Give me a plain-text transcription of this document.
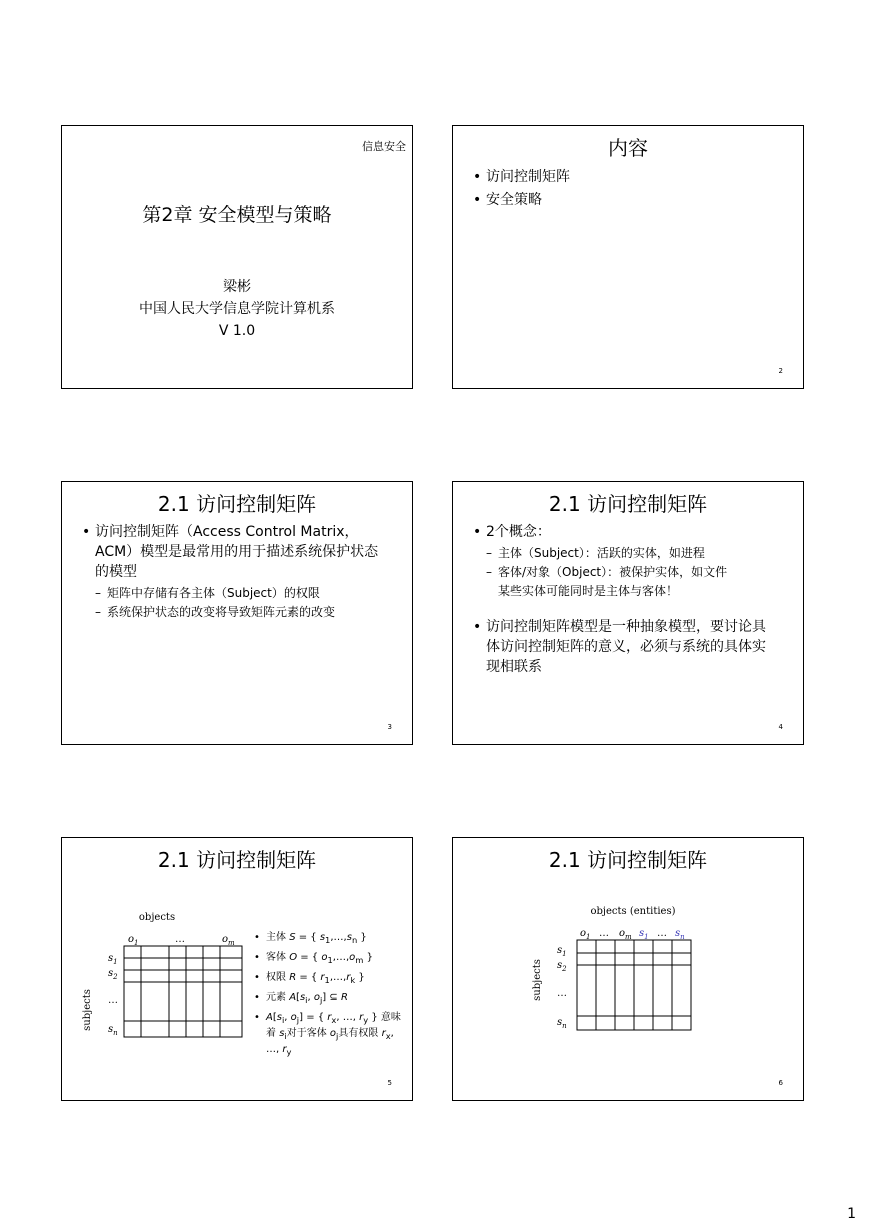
信息安全
第2章 安全模型与策略
梁彬
中国人民大学信息学院计算机系
V 1.0
内容
• 访问控制矩阵
• 安全策略
2
2.1 访问控制矩阵
• 访问控制矩阵（Access Control Matrix，ACM）模型是最常用的用于描述系统保护状态的模型
– 矩阵中存储有各主体（Subject）的权限
– 系统保护状态的改变将导致矩阵元素的改变
3
2.1 访问控制矩阵
• 2个概念：
– 主体（Subject）：活跃的实体，如进程
– 客体/对象（Object）：被保护实体，如文件
某些实体可能同时是主体与客体！
• 访问控制矩阵模型是一种抽象模型，要讨论具体访问控制矩阵的意义，必须与系统的具体实现相联系
4
2.1 访问控制矩阵
objects
subjects
$o_1$	…	$o_m$
$s_1$
$s_2$
…
$s_n$
• 主体 S = { $s_1,\dots,s_n$ }
• 客体 O = { $o_1,\dots,o_m$ }
• 权限 R = { $r_1,\dots,r_k$ }
• 元素 $A[s_i$, $o_j$] ⊆ R
• $A[s_i$, $o_j$] = { $r_x$, …, $r_y$ } 意味着 $s_i$对于客体 $o_j$具有权限 $r_x$, …, $r_y$
5
2.1 访问控制矩阵
objects (entities)
subjects
$o_1$ … $o_m$ $s_1$ … $s_n$
$s_1$
$s_2$
…
$s_n$
6
1
